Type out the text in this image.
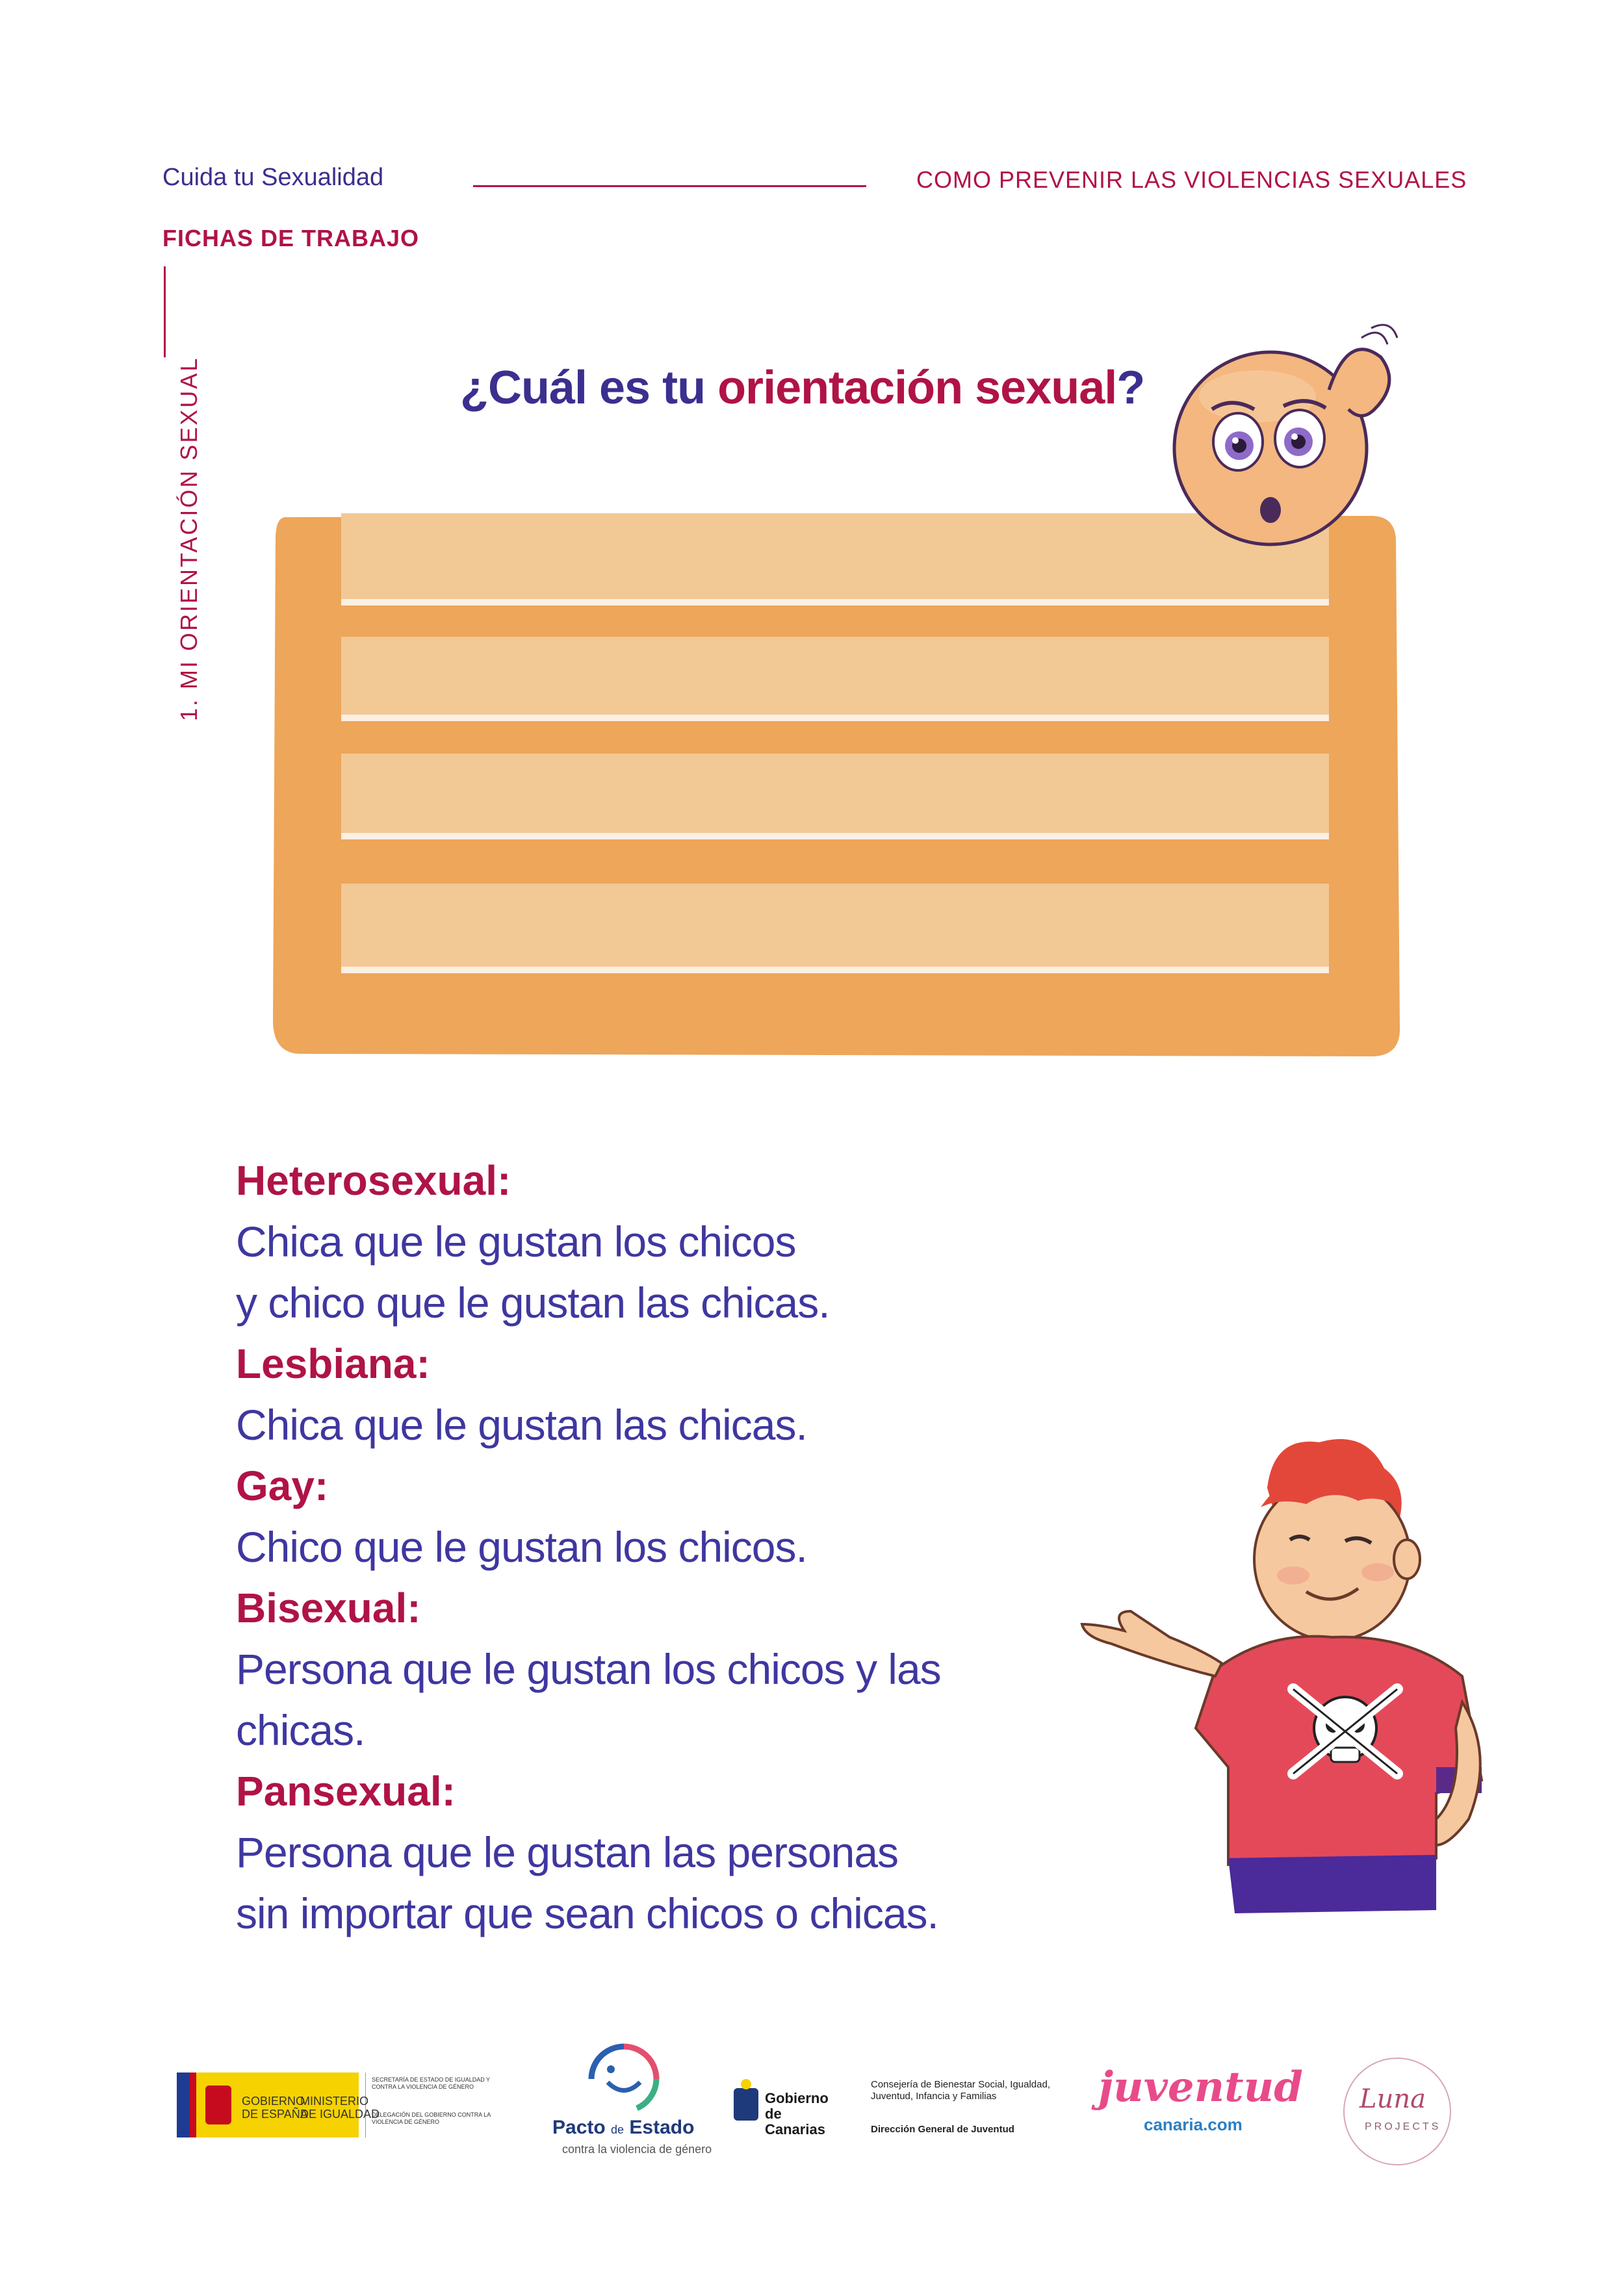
Cuida tu Sexualidad	COMO PREVENIR LAS VIOLENCIAS SEXUALES
FICHAS DE TRABAJO
1. MI ORIENTACIÓN SEXUAL	¿Cuál es tu orientación sexual?
Heterosexual:
Chica que le gustan los chicos
y chico que le gustan las chicas.
Lesbiana:
Chica que le gustan las chicas.
Gay:
Chico que le gustan los chicos.
Bisexual:
Persona que le gustan los chicos y las
chicas.
Pansexual:
Persona que le gustan las personas
sin importar que sean chicos o chicas.
GOBIERNO
DE ESPAÑA
MINISTERIO
DE IGUALDAD
SECRETARÍA DE ESTADO DE IGUALDAD Y CONTRA LA VIOLENCIA DE GÉNERO
DELEGACIÓN DEL GOBIERNO CONTRA LA VIOLENCIA DE GÉNERO	Pacto de Estado
contra la violencia de género
Gobierno de Canarias
Consejería de Bienestar Social, Igualdad, Juventud, Infancia y Familias
Dirección General de Juventud
juventud
canaria.com
Luna
PROJECTS
